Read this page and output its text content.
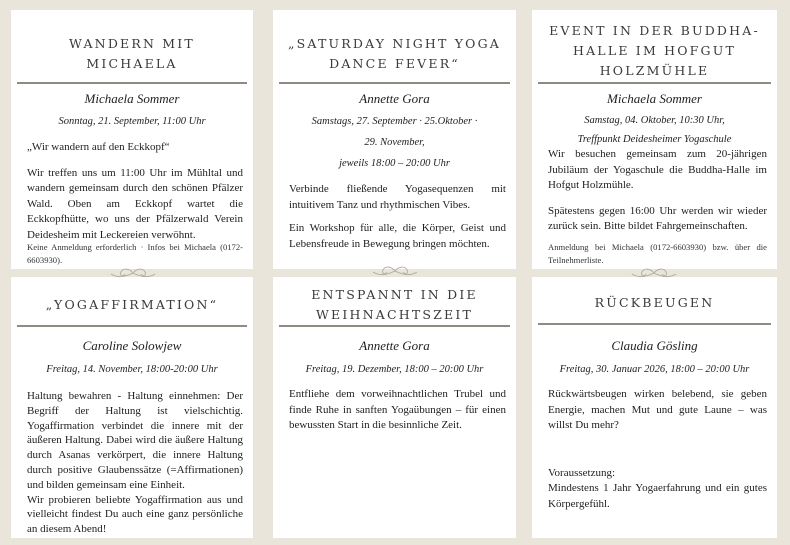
WANDERN MIT MICHAELA
Michaela Sommer
Sonntag, 21. September, 11:00 Uhr

„Wir wandern auf den Eckkopf“

Wir treffen uns um 11:00 Uhr im Mühltal und wandern gemeinsam durch den schönen Pfälzer Wald. Oben am Eckkopf wartet die Eckkopfhütte, wo uns der Pfälzerwald Verein Deidesheim mit Leckereien verwöhnt.

Keine Anmeldung erforderlich · Infos bei Michaela (0172-6603930).
„SATURDAY NIGHT YOGA
DANCE FEVER“
Annette Gora
Samstags, 27. September · 25.Oktober ·
29. November,
jeweils 18:00 – 20:00 Uhr

Verbinde fließende Yogasequenzen mit intuitivem Tanz und rhythmischen Vibes.

Ein Workshop für alle, die Körper, Geist und Lebensfreude in Bewegung bringen möchten.

EVENT IN DER BUDDHA-
HALLE IM HOFGUT
HOLZMÜHLE
Michaela Sommer
Samstag, 04. Oktober, 10:30 Uhr,
Treffpunkt Deidesheimer Yogaschule

Wir besuchen gemeinsam zum 20-jährigen Jubiläum der Yogaschule die Buddha-Halle im Hofgut Holzmühle.

Spätestens gegen 16:00 Uhr werden wir wieder zurück sein. Bitte bildet Fahrgemeinschaften.

Anmeldung bei Michaela (0172-6603930) bzw. über die Teilnehmerliste.
„YOGAFFIRMATION“
Caroline Solowjew
Freitag, 14. November, 18:00-20:00 Uhr

Haltung bewahren - Haltung einnehmen: Der Begriff der Haltung ist vielschichtig. Yogaffirmation verbindet die innere mit der äußeren Haltung. Dabei wird die äußere Haltung durch Asanas verkörpert, die innere Haltung durch positive Glaubenssätze (=Affirmationen) und bilden gemeinsam eine Einheit.

Wir probieren beliebte Yogaffirmation aus und vielleicht findest Du auch eine ganz persönliche an diesem Abend!

ENTSPANNT IN DIE
WEIHNACHTSZEIT
Annette Gora
Freitag, 19. Dezember, 18:00 – 20:00 Uhr

Entfliehe dem vorweihnachtlichen Trubel und finde Ruhe in sanften Yogaübungen – für einen bewussten Start in die besinnliche Zeit.

RÜCKBEUGEN
Claudia Gösling
Freitag, 30. Januar 2026, 18:00 – 20:00 Uhr

Rückwärtsbeugen wirken belebend, sie geben Energie, machen Mut und gute Laune – was willst Du mehr?

Voraussetzung:
Mindestens 1 Jahr Yogaerfahrung und ein gutes Körpergefühl.
